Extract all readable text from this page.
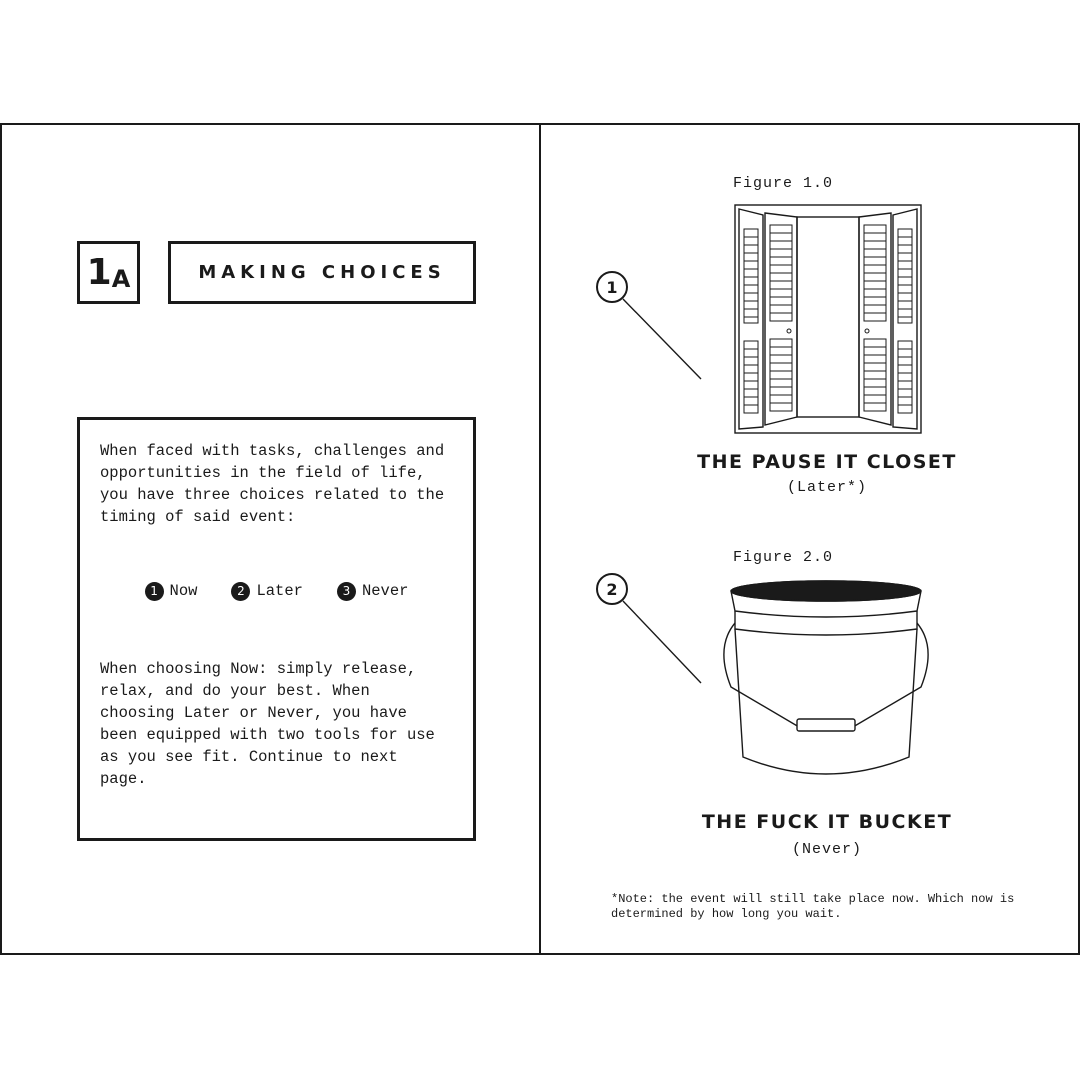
1 A	MAKING CHOICES

When faced with tasks, challenges and opportunities in the field of life, you have three choices related to the timing of said event:

1 Now	2 Later	3 Never

When choosing Now: simply release, relax, and do your best. When choosing Later or Never, you have been equipped with two tools for use as you see fit. Continue to next page.

Figure 1.0
1
THE PAUSE IT CLOSET
(Later*)
Figure 2.0
2
THE FUCK IT BUCKET
(Never)
*Note: the event will still take place now. Which now is determined by how long you wait.
